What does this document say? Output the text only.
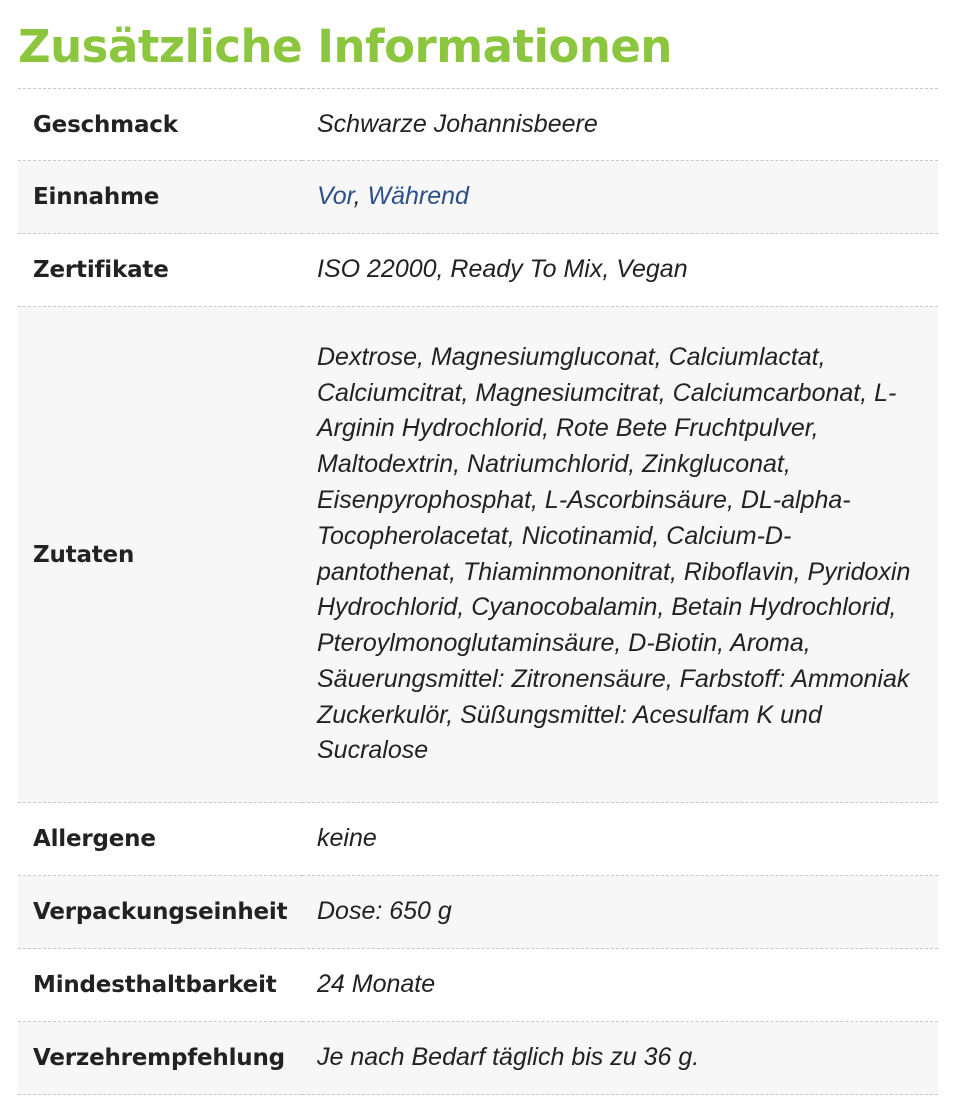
Zusätzliche Informationen
Geschmack	Schwarze Johannisbeere
Einnahme	Vor, Während
Zertifikate	ISO 22000, Ready To Mix, Vegan
Zutaten	Dextrose, Magnesiumgluconat, Calciumlactat, Calciumcitrat, Magnesiumcitrat, Calciumcarbonat, L-Arginin Hydrochlorid, Rote Bete Fruchtpulver, Maltodextrin, Natriumchlorid, Zinkgluconat, Eisenpyrophosphat, L-Ascorbinsäure, DL-alpha-Tocopherolacetat, Nicotinamid, Calcium-D-pantothenat, Thiaminmononitrat, Riboflavin, Pyridoxin Hydrochlorid, Cyanocobalamin, Betain Hydrochlorid, Pteroylmonoglutaminsäure, D-Biotin, Aroma, Säuerungsmittel: Zitronensäure, Farbstoff: Ammoniak Zuckerkulör, Süßungsmittel: Acesulfam K und Sucralose
Allergene	keine
Verpackungseinheit	Dose: 650 g
Mindesthaltbarkeit	24 Monate
Verzehrempfehlung	Je nach Bedarf täglich bis zu 36 g.
